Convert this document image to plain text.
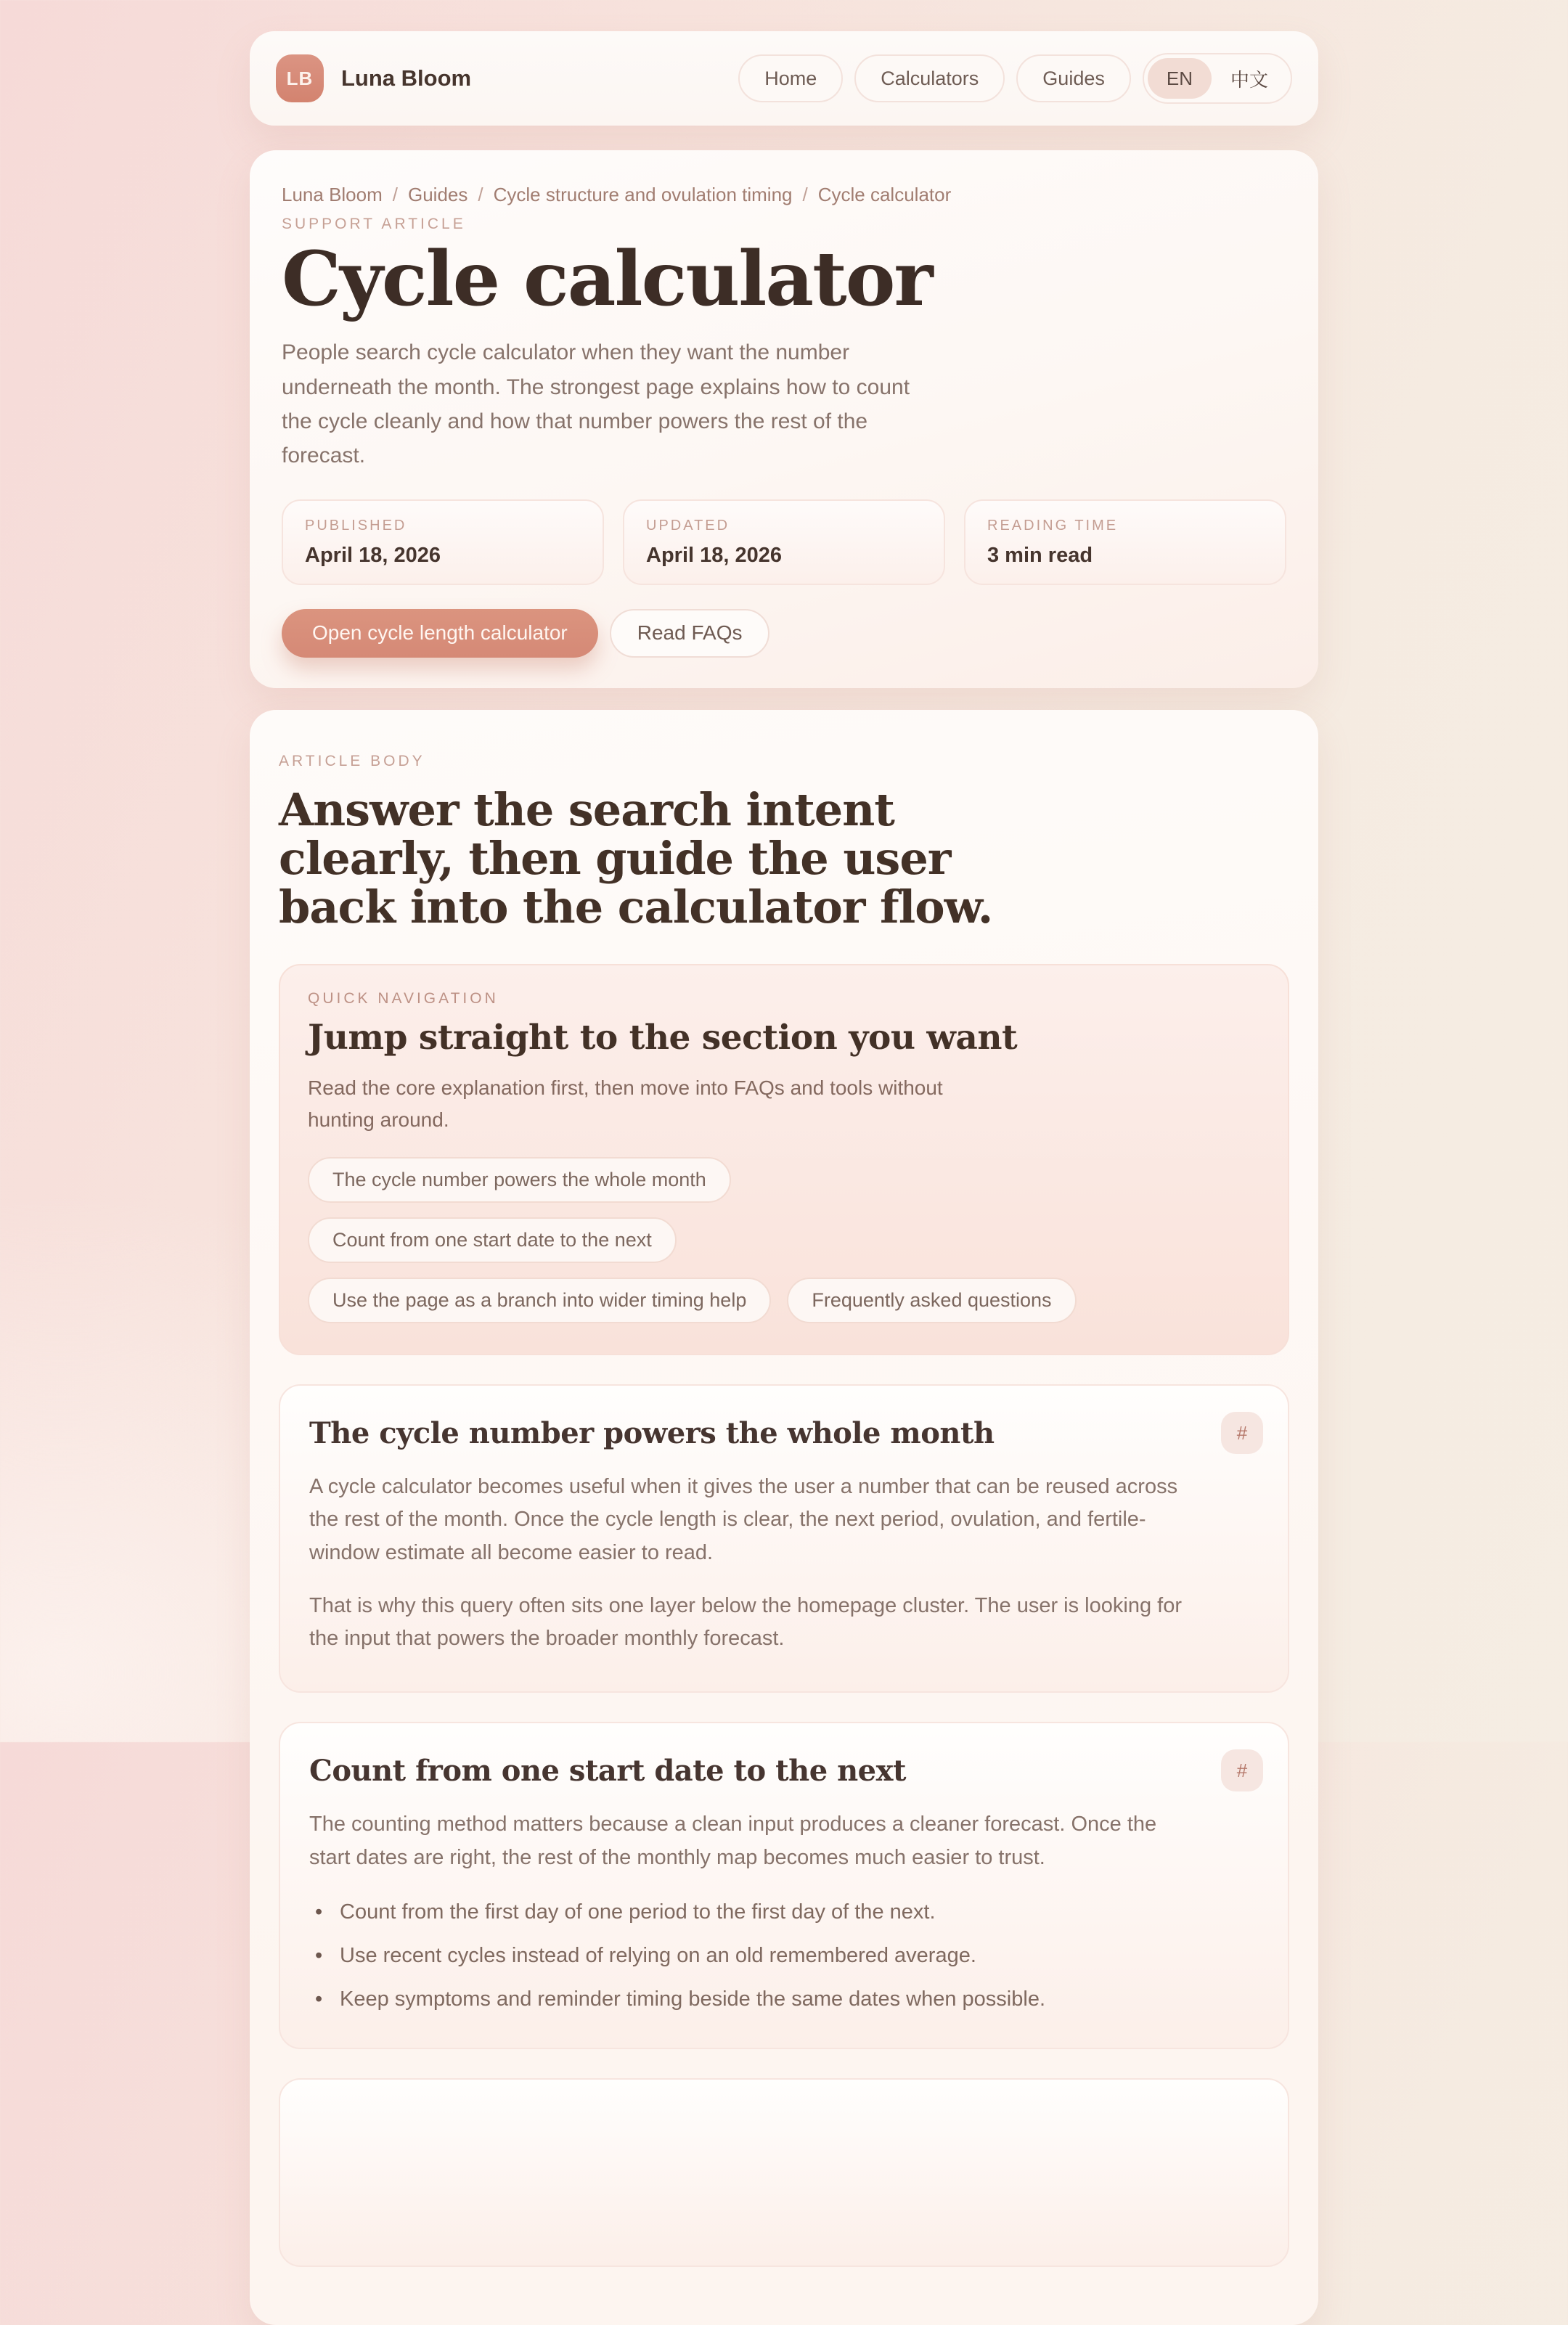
LB	Luna Bloom	Home	Calculators	Guides	EN	中文
Luna Bloom / Guides / Cycle structure and ovulation timing / Cycle calculator
SUPPORT ARTICLE
Cycle calculator
People search cycle calculator when they want the number underneath the month. The strongest page explains how to count the cycle cleanly and how that number powers the rest of the forecast.
PUBLISHED
April 18, 2026
UPDATED
April 18, 2026
READING TIME
3 min read
Open cycle length calculator	Read FAQs
ARTICLE BODY
Answer the search intent
clearly, then guide the user
back into the calculator flow.
QUICK NAVIGATION
Jump straight to the section you want
Read the core explanation first, then move into FAQs and tools without hunting around.
The cycle number powers the whole month
Count from one start date to the next
Use the page as a branch into wider timing help	Frequently asked questions
The cycle number powers the whole month	#

A cycle calculator becomes useful when it gives the user a number that can be reused across the rest of the month. Once the cycle length is clear, the next period, ovulation, and fertile-window estimate all become easier to read.

That is why this query often sits one layer below the homepage cluster. The user is looking for the input that powers the broader monthly forecast.

Count from one start date to the next	#

The counting method matters because a clean input produces a cleaner forecast. Once the start dates are right, the rest of the monthly map becomes much easier to trust.

• Count from the first day of one period to the first day of the next.
• Use recent cycles instead of relying on an old remembered average.
• Keep symptoms and reminder timing beside the same dates when possible.
